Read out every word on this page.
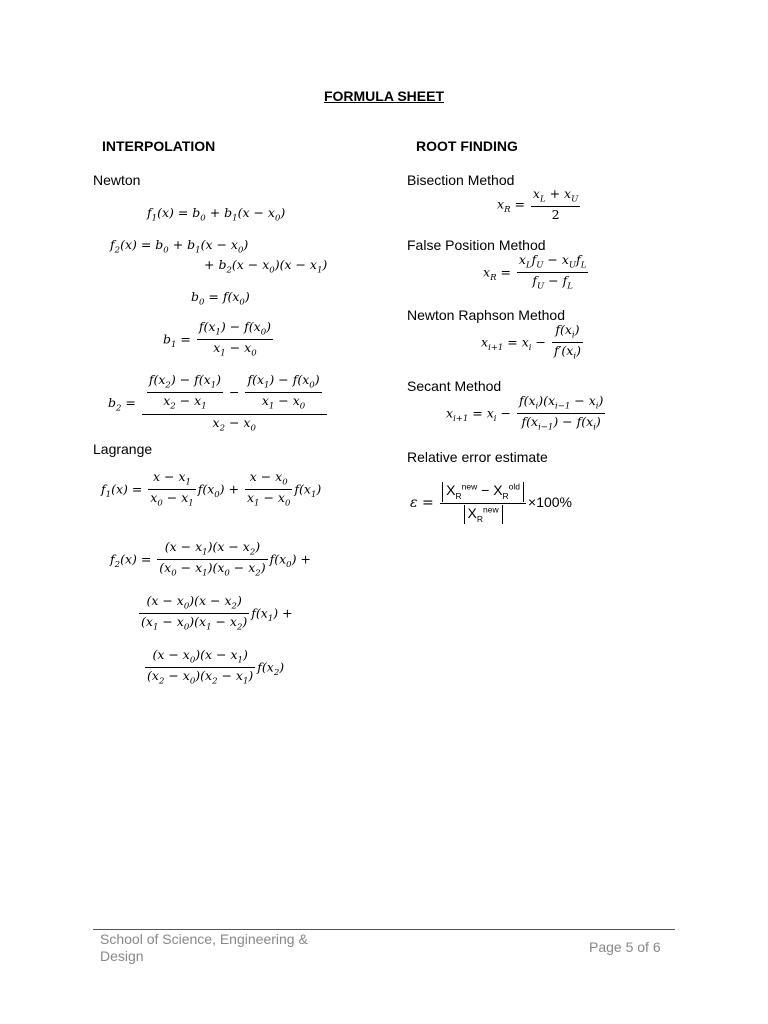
FORMULA SHEET
INTERPOLATION	ROOT FINDING
Newton
$f_1(x) = b_0 + b_1(x - x_0)$
$f_2(x) = b_0 + b_1(x - x_0)$
+ $b_2(x - x_0)(x - x_1)$
$b_0 = f(x_0)$
$b_1 = \frac{f(x_1) - f(x_0)}{x_1 - x_0}$
$b_2 = \frac{\frac{f(x_2) - f(x_1)}{x_2 - x_1} - \frac{f(x_1) - f(x_0)}{x_1 - x_0}}{x_2 - x_0}$
Lagrange
$f_1(x) = \frac{x - x_1}{x_0 - x_1} f(x_0) + \frac{x - x_0}{x_1 - x_0} f(x_1)$
$f_2(x) = \frac{(x - x_1)(x - x_2)}{(x_0 - x_1)(x_0 - x_2)} f(x_0)$ +
$\frac{(x - x_0)(x - x_2)}{(x_1 - x_0)(x_1 - x_2)} f(x_1)$ +
$\frac{(x - x_0)(x - x_1)}{(x_2 - x_0)(x_2 - x_1)} f(x_2)$
Bisection Method
$x_R = \frac{x_L + x_U}{2}$
False Position Method
$x_R = \frac{x_Lf_U - x_Uf_L}{f_U - f_L}$
Newton Raphson Method
$x_{i+1} = x_i - \frac{f(x_i)}{f'(x_i)}$
Secant Method
$x_{i+1} = x_i - \frac{f(x_i)(x_{i-1} - x_i)}{f(x_{i-1}) - f(x_i)}$
Relative error estimate
$\varepsilon = \frac{X_R^{new} - X_R^{old}}{X_R^{new}} \times 100\%$
School of Science, Engineering &
Design
Page 5 of 6
